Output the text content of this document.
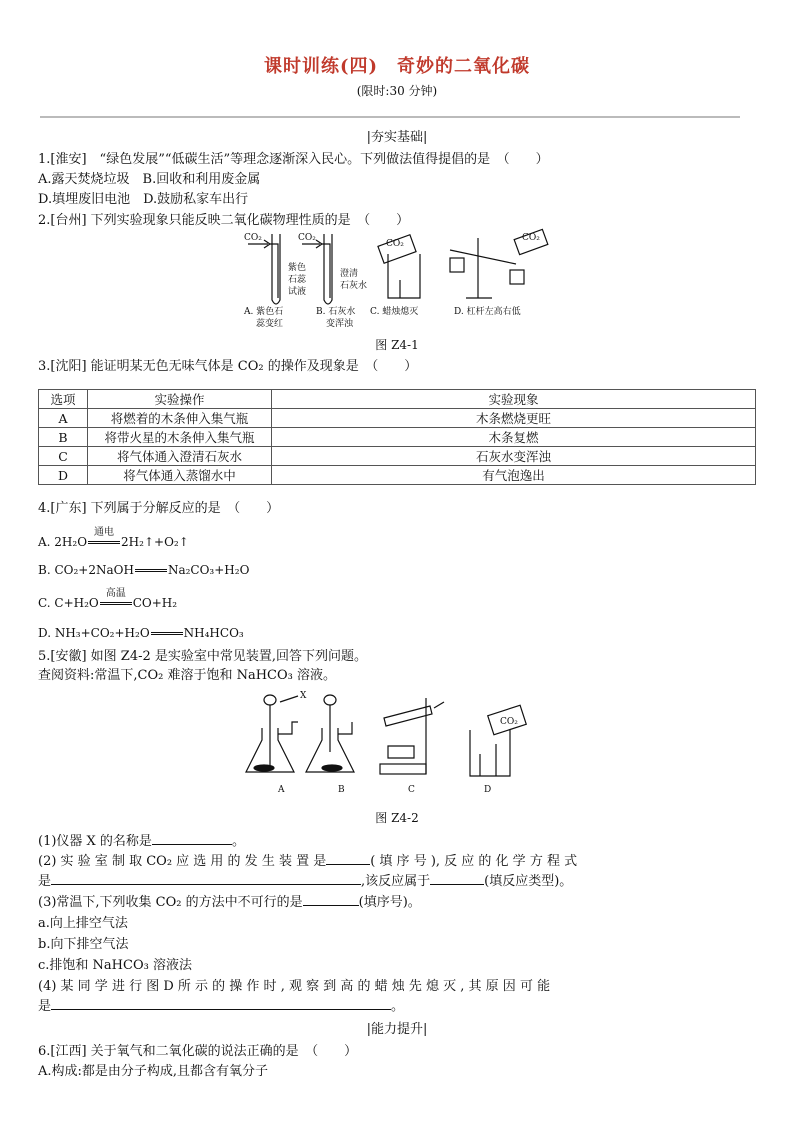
课时训练(四)　奇妙的二氧化碳
(限时:30 分钟)
|夯实基础|
1.[淮安]　“绿色发展”“低碳生活”等理念逐渐深入民心。下列做法值得提倡的是　（　　）
A.露天焚烧垃圾　B.回收和利用废金属
D.填埋废旧电池　D.鼓励私家车出行
2.[台州] 下列实验现象只能反映二氧化碳物理性质的是　（　　）
CO₂	CO₂
CO₂
CO₂
紫色
石蕊
试液
澄清
石灰水
A. 紫色石
蕊变红
B. 石灰水
变浑浊
C. 蜡烛熄灭	D. 杠杆左高右低
图 Z4-1
3.[沈阳] 能证明某无色无味气体是 CO₂ 的操作及现象是　（　　）
选项	实验操作	实验现象
A	将燃着的木条伸入集气瓶	木条燃烧更旺
B	将带火星的木条伸入集气瓶	木条复燃
C	将气体通入澄清石灰水	石灰水变浑浊
D	将气体通入蒸馏水中	有气泡逸出
4.[广东] 下列属于分解反应的是　（　　）
A. 2H₂O
通电
2H₂↑+O₂↑
B. CO₂+2NaOH	Na₂CO₃+H₂O
C. C+H₂O
高温
CO+H₂
D. NH₃+CO₂+H₂O	NH₄HCO₃
5.[安徽] 如图 Z4-2 是实验室中常见装置,回答下列问题。
查阅资料:常温下,CO₂ 难溶于饱和 NaHCO₃ 溶液。
X
CO₂
A	B	C	D
图 Z4-2
(1)仪器 X 的名称是	。
(2) 实 验 室 制 取 CO₂ 应 选 用 的 发 生 装 置 是	( 填 序 号 ), 反 应 的 化 学 方 程 式
是	,该反应属于	(填反应类型)。
(3)常温下,下列收集 CO₂ 的方法中不可行的是	(填序号)。
a.向上排空气法
b.向下排空气法
c.排饱和 NaHCO₃ 溶液法
(4) 某 同 学 进 行 图 D 所 示 的 操 作 时 , 观 察 到 高 的 蜡 烛 先 熄 灭 , 其 原 因 可 能
是	。
|能力提升|
6.[江西] 关于氧气和二氧化碳的说法正确的是　（　　）
A.构成:都是由分子构成,且都含有氧分子
